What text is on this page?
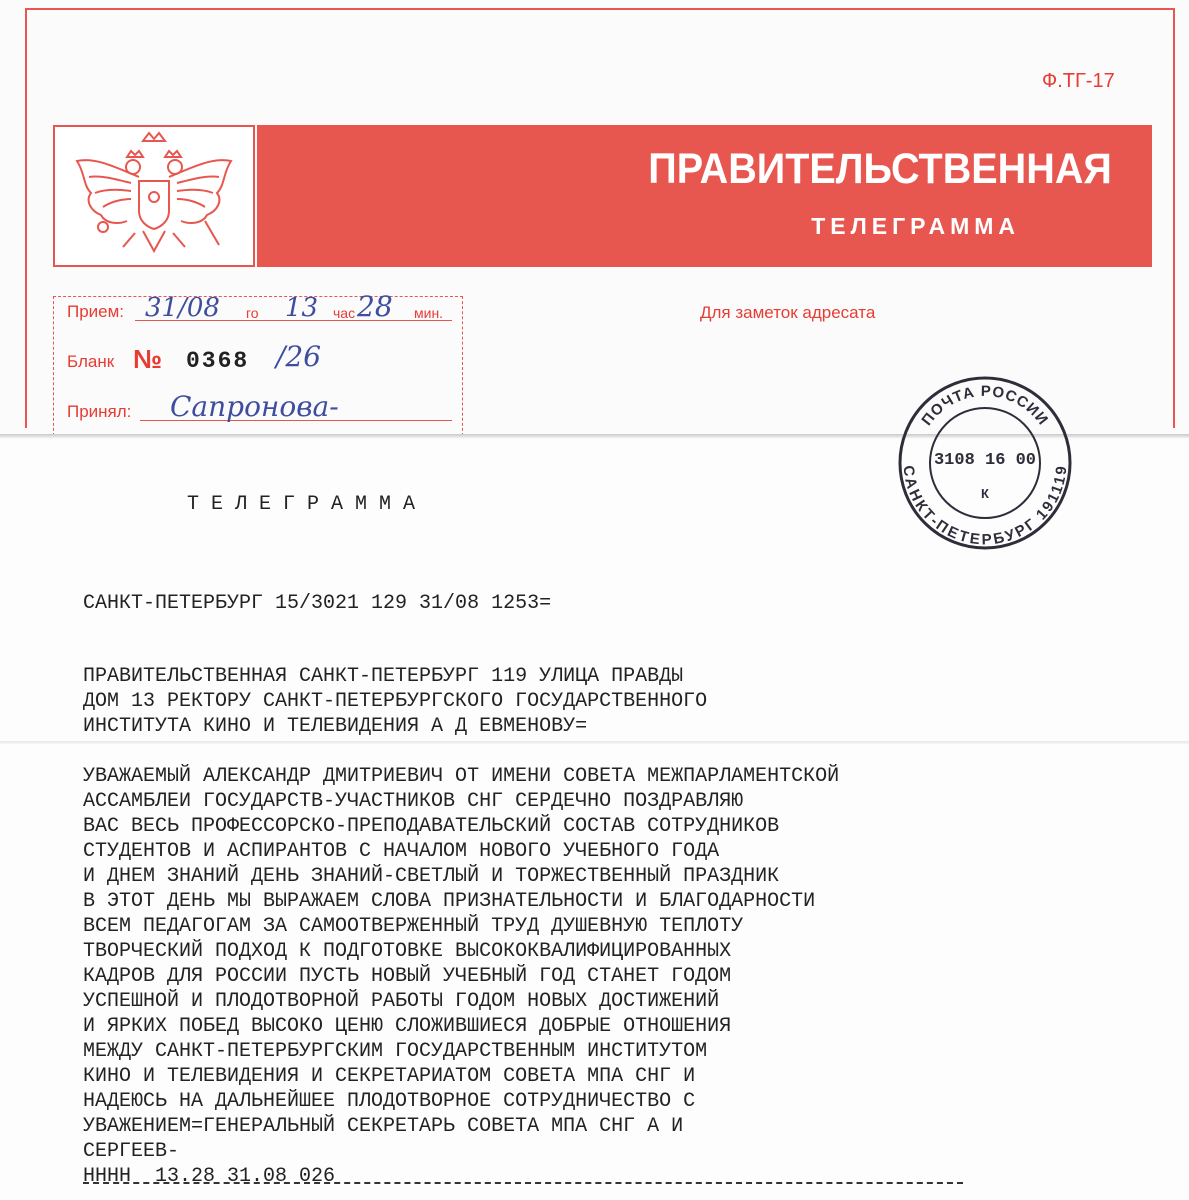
Ф.ТГ-17
ПРАВИТЕЛЬСТВЕННАЯ
ТЕЛЕГРАММА
Прием: 31/08 го 13 час 28 мин.
Бланк № 0368 /26
Принял: Сапронова-
Для заметок адресата
ПОЧТА РОССИИ
САНКТ-ПЕТЕРБУРГ 191119
3108 16 00
К
ТЕЛЕГРАММА
САНКТ-ПЕТЕРБУРГ 15/3021 129 31/08 1253=
ПРАВИТЕЛЬСТВЕННАЯ САНКТ-ПЕТЕРБУРГ 119 УЛИЦА ПРАВДЫ
ДОМ 13 РЕКТОРУ САНКТ-ПЕТЕРБУРГСКОГО ГОСУДАРСТВЕННОГО
ИНСТИТУТА КИНО И ТЕЛЕВИДЕНИЯ А Д ЕВМЕНОВУ=
УВАЖАЕМЫЙ АЛЕКСАНДР ДМИТРИЕВИЧ ОТ ИМЕНИ СОВЕТА МЕЖПАРЛАМЕНТСКОЙ
АССАМБЛЕИ ГОСУДАРСТВ-УЧАСТНИКОВ СНГ СЕРДЕЧНО ПОЗДРАВЛЯЮ
ВАС ВЕСЬ ПРОФЕССОРСКО-ПРЕПОДАВАТЕЛЬСКИЙ СОСТАВ СОТРУДНИКОВ
СТУДЕНТОВ И АСПИРАНТОВ С НАЧАЛОМ НОВОГО УЧЕБНОГО ГОДА
И ДНЕМ ЗНАНИЙ ДЕНЬ ЗНАНИЙ-СВЕТЛЫЙ И ТОРЖЕСТВЕННЫЙ ПРАЗДНИК
В ЭТОТ ДЕНЬ МЫ ВЫРАЖАЕМ СЛОВА ПРИЗНАТЕЛЬНОСТИ И БЛАГОДАРНОСТИ
ВСЕМ ПЕДАГОГАМ ЗА САМООТВЕРЖЕННЫЙ ТРУД ДУШЕВНУЮ ТЕПЛОТУ
ТВОРЧЕСКИЙ ПОДХОД К ПОДГОТОВКЕ ВЫСОКОКВАЛИФИЦИРОВАННЫХ
КАДРОВ ДЛЯ РОССИИ ПУСТЬ НОВЫЙ УЧЕБНЫЙ ГОД СТАНЕТ ГОДОМ
УСПЕШНОЙ И ПЛОДОТВОРНОЙ РАБОТЫ ГОДОМ НОВЫХ ДОСТИЖЕНИЙ
И ЯРКИХ ПОБЕД ВЫСОКО ЦЕНЮ СЛОЖИВШИЕСЯ ДОБРЫЕ ОТНОШЕНИЯ
МЕЖДУ САНКТ-ПЕТЕРБУРГСКИМ ГОСУДАРСТВЕННЫМ ИНСТИТУТОМ
КИНО И ТЕЛЕВИДЕНИЯ И СЕКРЕТАРИАТОМ СОВЕТА МПА СНГ И
НАДЕЮСЬ НА ДАЛЬНЕЙШЕЕ ПЛОДОТВОРНОЕ СОТРУДНИЧЕСТВО С
УВАЖЕНИЕМ=ГЕНЕРАЛЬНЫЙ СЕКРЕТАРЬ СОВЕТА МПА СНГ А И
СЕРГЕЕВ-
НННН  13.28 31.08 026
